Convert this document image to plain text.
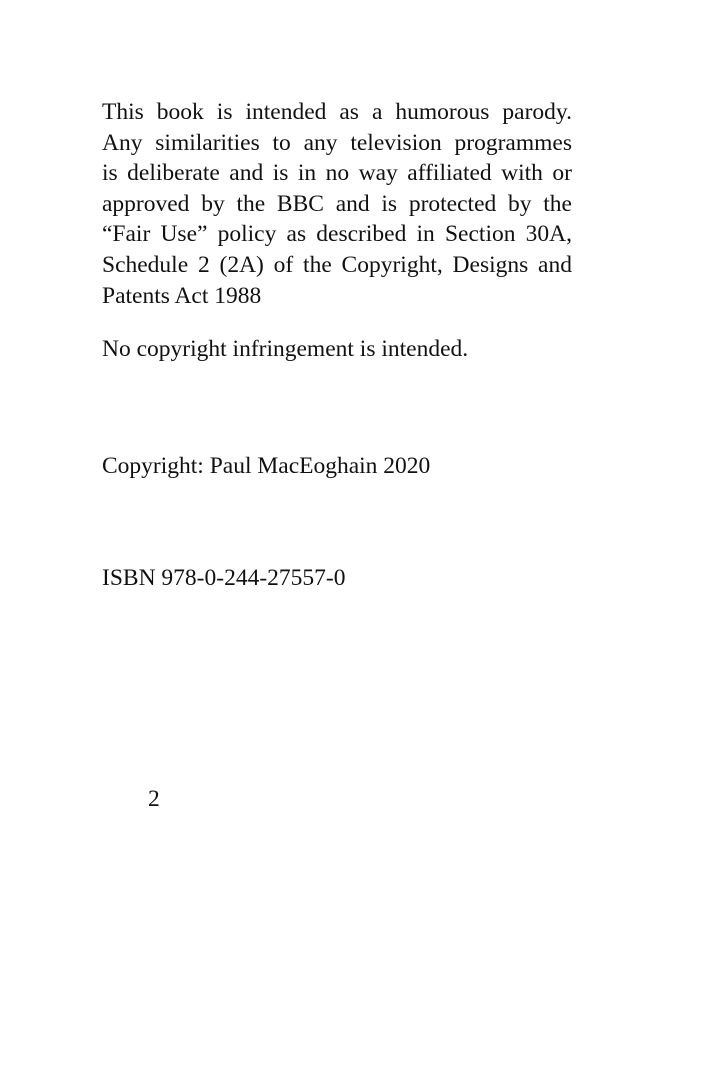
This book is intended as a humorous parody.
Any similarities to any television programmes
is deliberate and is in no way affiliated with or
approved by the BBC and is protected by the
“Fair Use” policy as described in Section 30A,
Schedule 2 (2A) of the Copyright, Designs and
Patents Act 1988

No copyright infringement is intended.

Copyright: Paul MacEoghain 2020

ISBN 978-0-244-27557-0

2
